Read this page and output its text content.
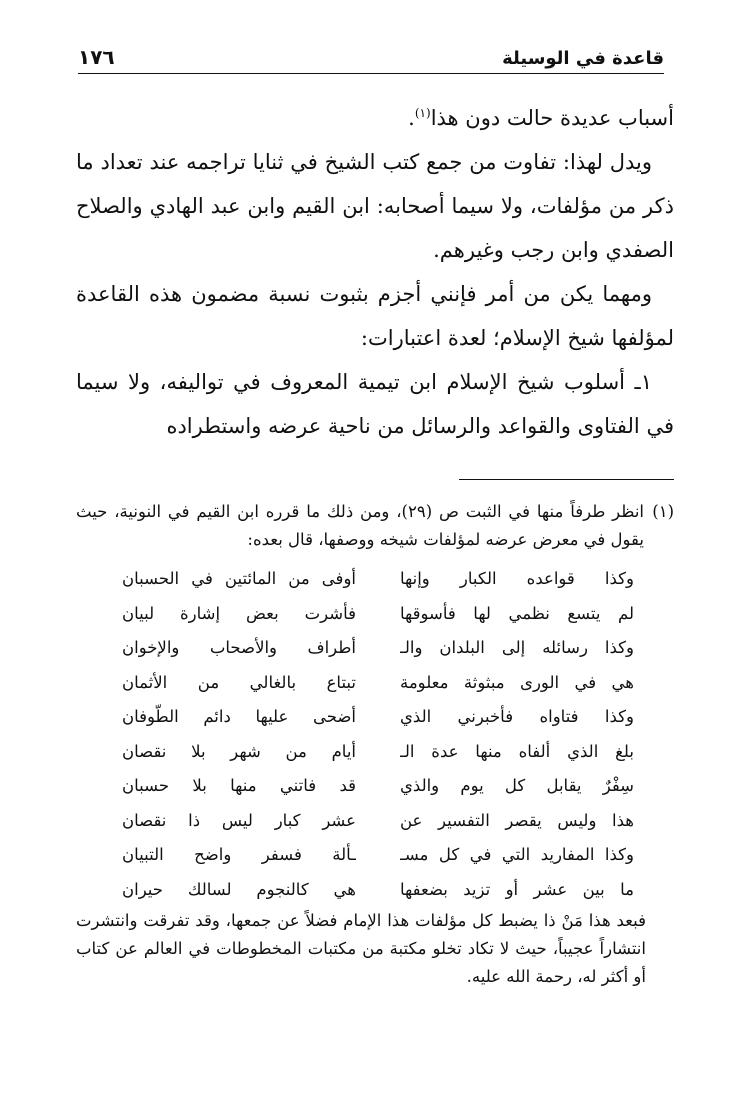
قاعدة في الوسيلة
١٧٦

أسباب عديدة حالت دون هذا$^{(١)}$.

ويدل لهذا: تفاوت من جمع كتب الشيخ في ثنايا تراجمه عند تعداد ما ذكر من مؤلفات، ولا سيما أصحابه: ابن القيم وابن عبد الهادي والصلاح الصفدي وابن رجب وغيرهم.

ومهما يكن من أمر فإنني أجزم بثبوت نسبة مضمون هذه القاعدة لمؤلفها شيخ الإسلام؛ لعدة اعتبارات:

١ـ أسلوب شيخ الإسلام ابن تيمية المعروف في تواليفه، ولا سيما في الفتاوى والقواعد والرسائل من ناحية عرضه واستطراده

(١)
انظر طرفاً منها في الثبت ص (٢٩)، ومن ذلك ما قرره ابن القيم في النونية، حيث يقول في معرض عرضه لمؤلفات شيخه ووصفها، قال بعده:
وكذا قواعده الكبار وإنها
أوفى من المائتين في الحسبان
لم يتسع نظمي لها فأسوقها
فأشرت بعض إشارة لبيان
وكذا رسائله إلى البلدان والـ
أطراف والأصحاب والإخوان
هي في الورى مبثوثة معلومة
تبتاع بالغالي من الأثمان
وكذا فتاواه فأخبرني الذي
أضحى عليها دائم الطّوفان
بلغ الذي ألفاه منها عدة الـ
أيام من شهر بلا نقصان
سِفْرٌ يقابل كل يوم والذي
قد فاتني منها بلا حسبان
هذا وليس يقصر التفسير عن
عشر كبار ليس ذا نقصان
وكذا المفاريد التي في كل مسـ
ـألة فسفر واضح التبيان
ما بين عشر أو تزيد بضعفها
هي كالنجوم لسالك حيران
فبعد هذا مَنْ ذا يضبط كل مؤلفات هذا الإمام فضلاً عن جمعها، وقد تفرقت وانتشرت انتشاراً عجيباً، حيث لا تكاد تخلو مكتبة من مكتبات المخطوطات في العالم عن كتاب أو أكثر له، رحمة الله عليه.
